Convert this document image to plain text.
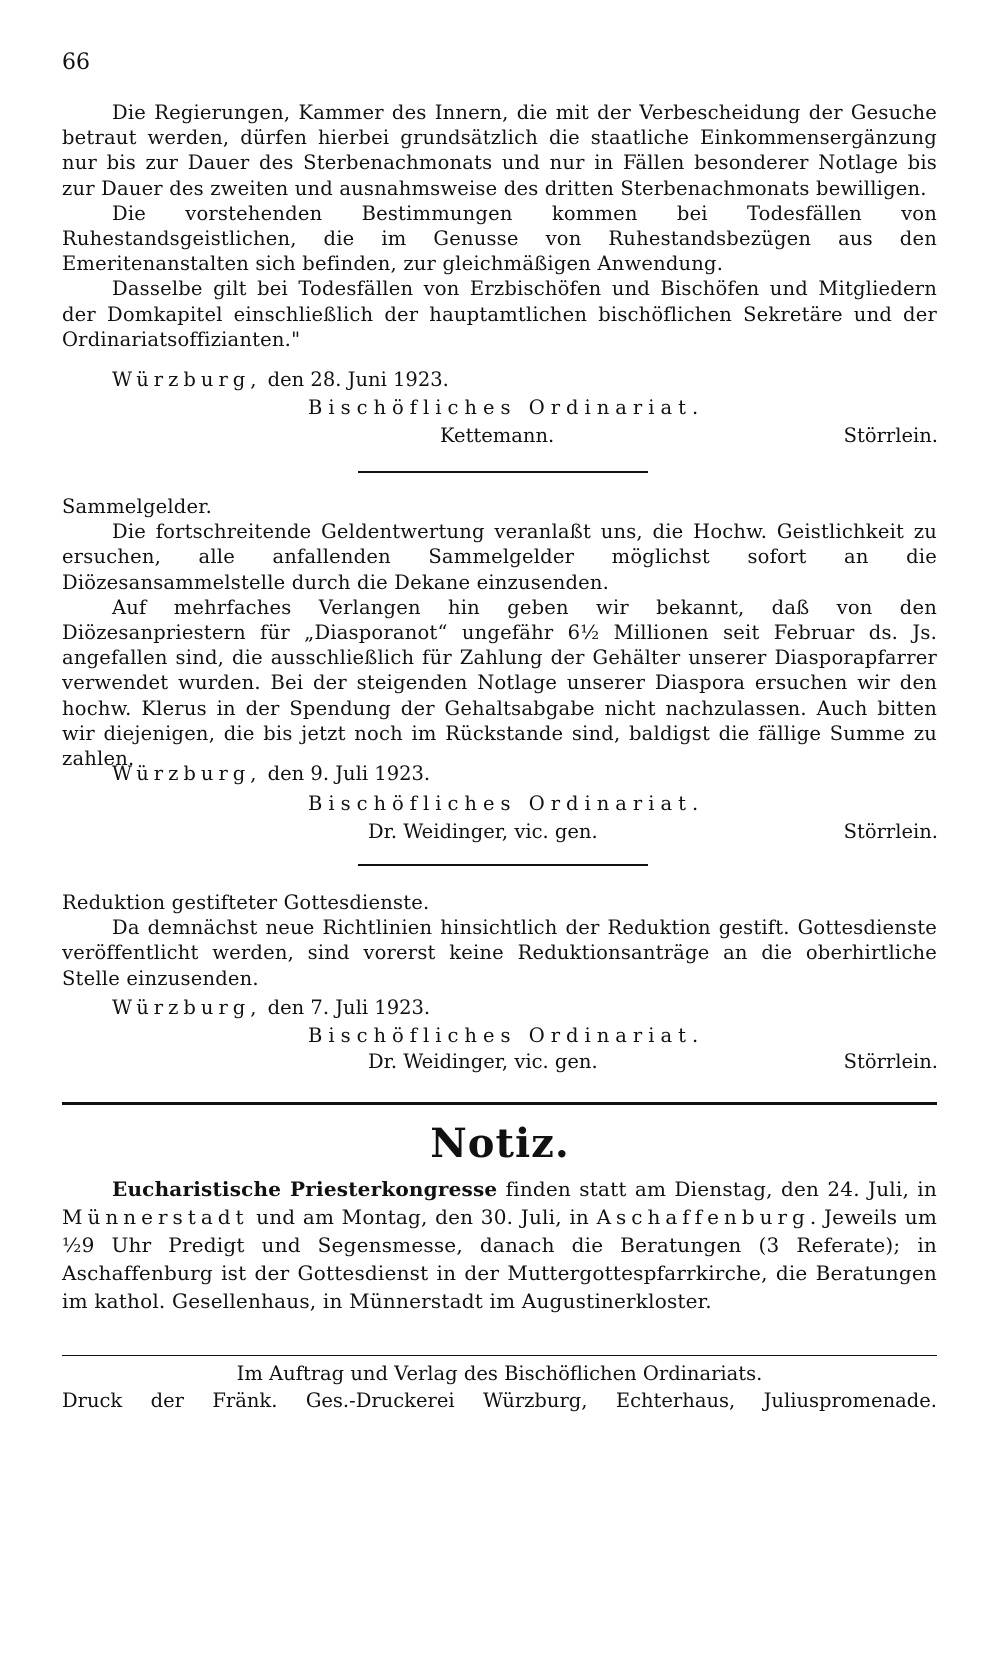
66

Die Regierungen, Kammer des Innern, die mit der Verbescheidung der Gesuche betraut werden, dürfen hierbei grundsätzlich die staatliche Einkommensergänzung nur bis zur Dauer des Sterbenachmonats und nur in Fällen besonderer Notlage bis zur Dauer des zweiten und ausnahmsweise des dritten Sterbenachmonats bewilligen.

Die vorstehenden Bestimmungen kommen bei Todesfällen von Ruhestandsgeistlichen, die im Genusse von Ruhestandsbezügen aus den Emeritenanstalten sich befinden, zur gleichmäßigen Anwendung.

Dasselbe gilt bei Todesfällen von Erzbischöfen und Bischöfen und Mitgliedern der Domkapitel einschließlich der hauptamtlichen bischöflichen Sekretäre und der Ordinariatsoffizianten."

Würzburg, den 28. Juni 1923.
Bischöfliches Ordinariat.
Kettemann.	Störrlein.

Sammelgelder.

Die fortschreitende Geldentwertung veranlaßt uns, die Hochw. Geistlichkeit zu ersuchen, alle anfallenden Sammelgelder möglichst sofort an die Diözesansammelstelle durch die Dekane einzusenden.

Auf mehrfaches Verlangen hin geben wir bekannt, daß von den Diözesanpriestern für „Diasporanot“ ungefähr 6½ Millionen seit Februar ds. Js. angefallen sind, die ausschließlich für Zahlung der Gehälter unserer Diasporapfarrer verwendet wurden. Bei der steigenden Notlage unserer Diaspora ersuchen wir den hochw. Klerus in der Spendung der Gehaltsabgabe nicht nachzulassen. Auch bitten wir diejenigen, die bis jetzt noch im Rückstande sind, baldigst die fällige Summe zu zahlen.

Würzburg, den 9. Juli 1923.
Bischöfliches Ordinariat.
Dr. Weidinger, vic. gen.	Störrlein.

Reduktion gestifteter Gottesdienste.

Da demnächst neue Richtlinien hinsichtlich der Reduktion gestift. Gottesdienste veröffentlicht werden, sind vorerst keine Reduktionsanträge an die oberhirtliche Stelle einzusenden.

Würzburg, den 7. Juli 1923.
Bischöfliches Ordinariat.
Dr. Weidinger, vic. gen.	Störrlein.
Notiz.

Eucharistische Priesterkongresse finden statt am Dienstag, den 24. Juli, in Münnerstadt und am Montag, den 30. Juli, in Aschaffenburg. Jeweils um ½9 Uhr Predigt und Segensmesse, danach die Beratungen (3 Referate); in Aschaffenburg ist der Gottesdienst in der Muttergottespfarrkirche, die Beratungen im kathol. Gesellenhaus, in Münnerstadt im Augustinerkloster.

Im Auftrag und Verlag des Bischöflichen Ordinariats.
Druck der Fränk. Ges.-Druckerei Würzburg, Echterhaus, Juliuspromenade.
